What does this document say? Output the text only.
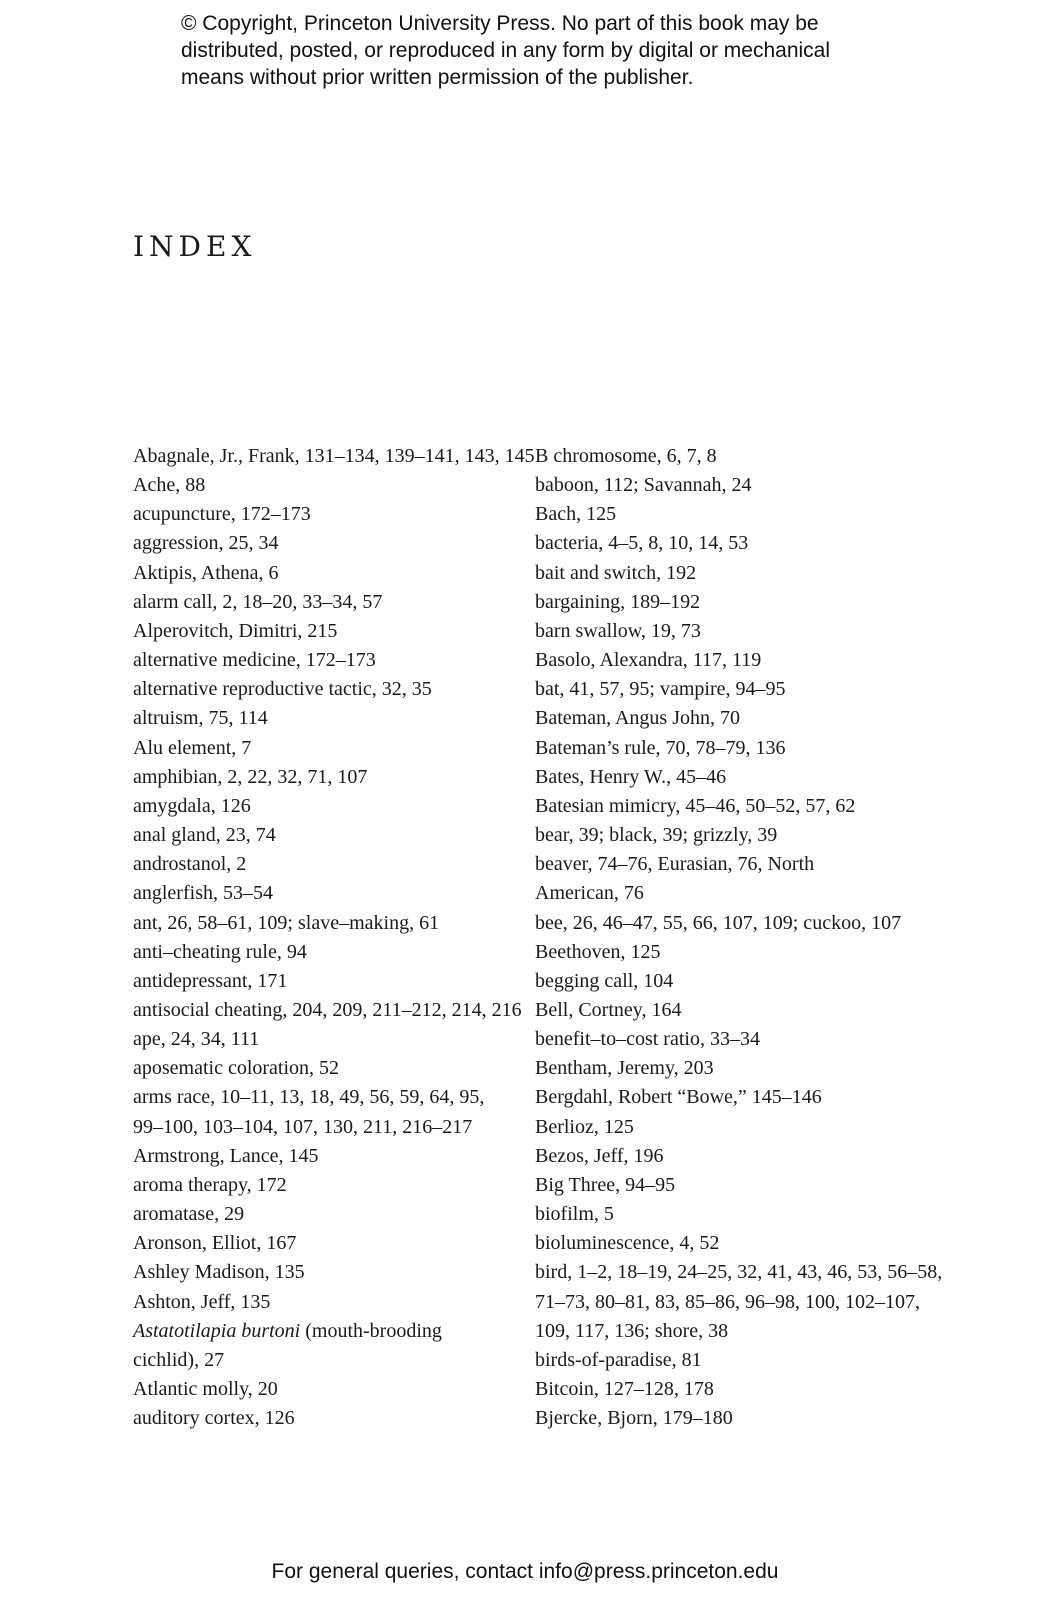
© Copyright, Princeton University Press. No part of this book may be
distributed, posted, or reproduced in any form by digital or mechanical
means without prior written permission of the publisher.
INDEX

Abagnale, Jr., Frank, 131–134, 139–141, 143, 145

Ache, 88

acupuncture, 172–173

aggression, 25, 34

Aktipis, Athena, 6

alarm call, 2, 18–20, 33–34, 57

Alperovitch, Dimitri, 215

alternative medicine, 172–173

alternative reproductive tactic, 32, 35

altruism, 75, 114

Alu element, 7

amphibian, 2, 22, 32, 71, 107

amygdala, 126

anal gland, 23, 74

androstanol, 2

anglerfish, 53–54

ant, 26, 58–61, 109; slave–making, 61

anti–cheating rule, 94

antidepressant, 171

antisocial cheating, 204, 209, 211–212, 214, 216

ape, 24, 34, 111

aposematic coloration, 52

arms race, 10–11, 13, 18, 49, 56, 59, 64, 95,
99–100, 103–104, 107, 130, 211, 216–217

Armstrong, Lance, 145

aroma therapy, 172

aromatase, 29

Aronson, Elliot, 167

Ashley Madison, 135

Ashton, Jeff, 135

Astatotilapia burtoni (mouth-brooding
cichlid), 27

Atlantic molly, 20

auditory cortex, 126

B chromosome, 6, 7, 8

baboon, 112; Savannah, 24

Bach, 125

bacteria, 4–5, 8, 10, 14, 53

bait and switch, 192

bargaining, 189–192

barn swallow, 19, 73

Basolo, Alexandra, 117, 119

bat, 41, 57, 95; vampire, 94–95

Bateman, Angus John, 70

Bateman’s rule, 70, 78–79, 136

Bates, Henry W., 45–46

Batesian mimicry, 45–46, 50–52, 57, 62

bear, 39; black, 39; grizzly, 39

beaver, 74–76, Eurasian, 76, North
American, 76

bee, 26, 46–47, 55, 66, 107, 109; cuckoo, 107

Beethoven, 125

begging call, 104

Bell, Cortney, 164

benefit–to–cost ratio, 33–34

Bentham, Jeremy, 203

Bergdahl, Robert “Bowe,” 145–146

Berlioz, 125

Bezos, Jeff, 196

Big Three, 94–95

biofilm, 5

bioluminescence, 4, 52

bird, 1–2, 18–19, 24–25, 32, 41, 43, 46, 53, 56–58,
71–73, 80–81, 83, 85–86, 96–98, 100, 102–107,
109, 117, 136; shore, 38

birds-of-paradise, 81

Bitcoin, 127–128, 178

Bjercke, Bjorn, 179–180

For general queries, contact info@press.princeton.edu
